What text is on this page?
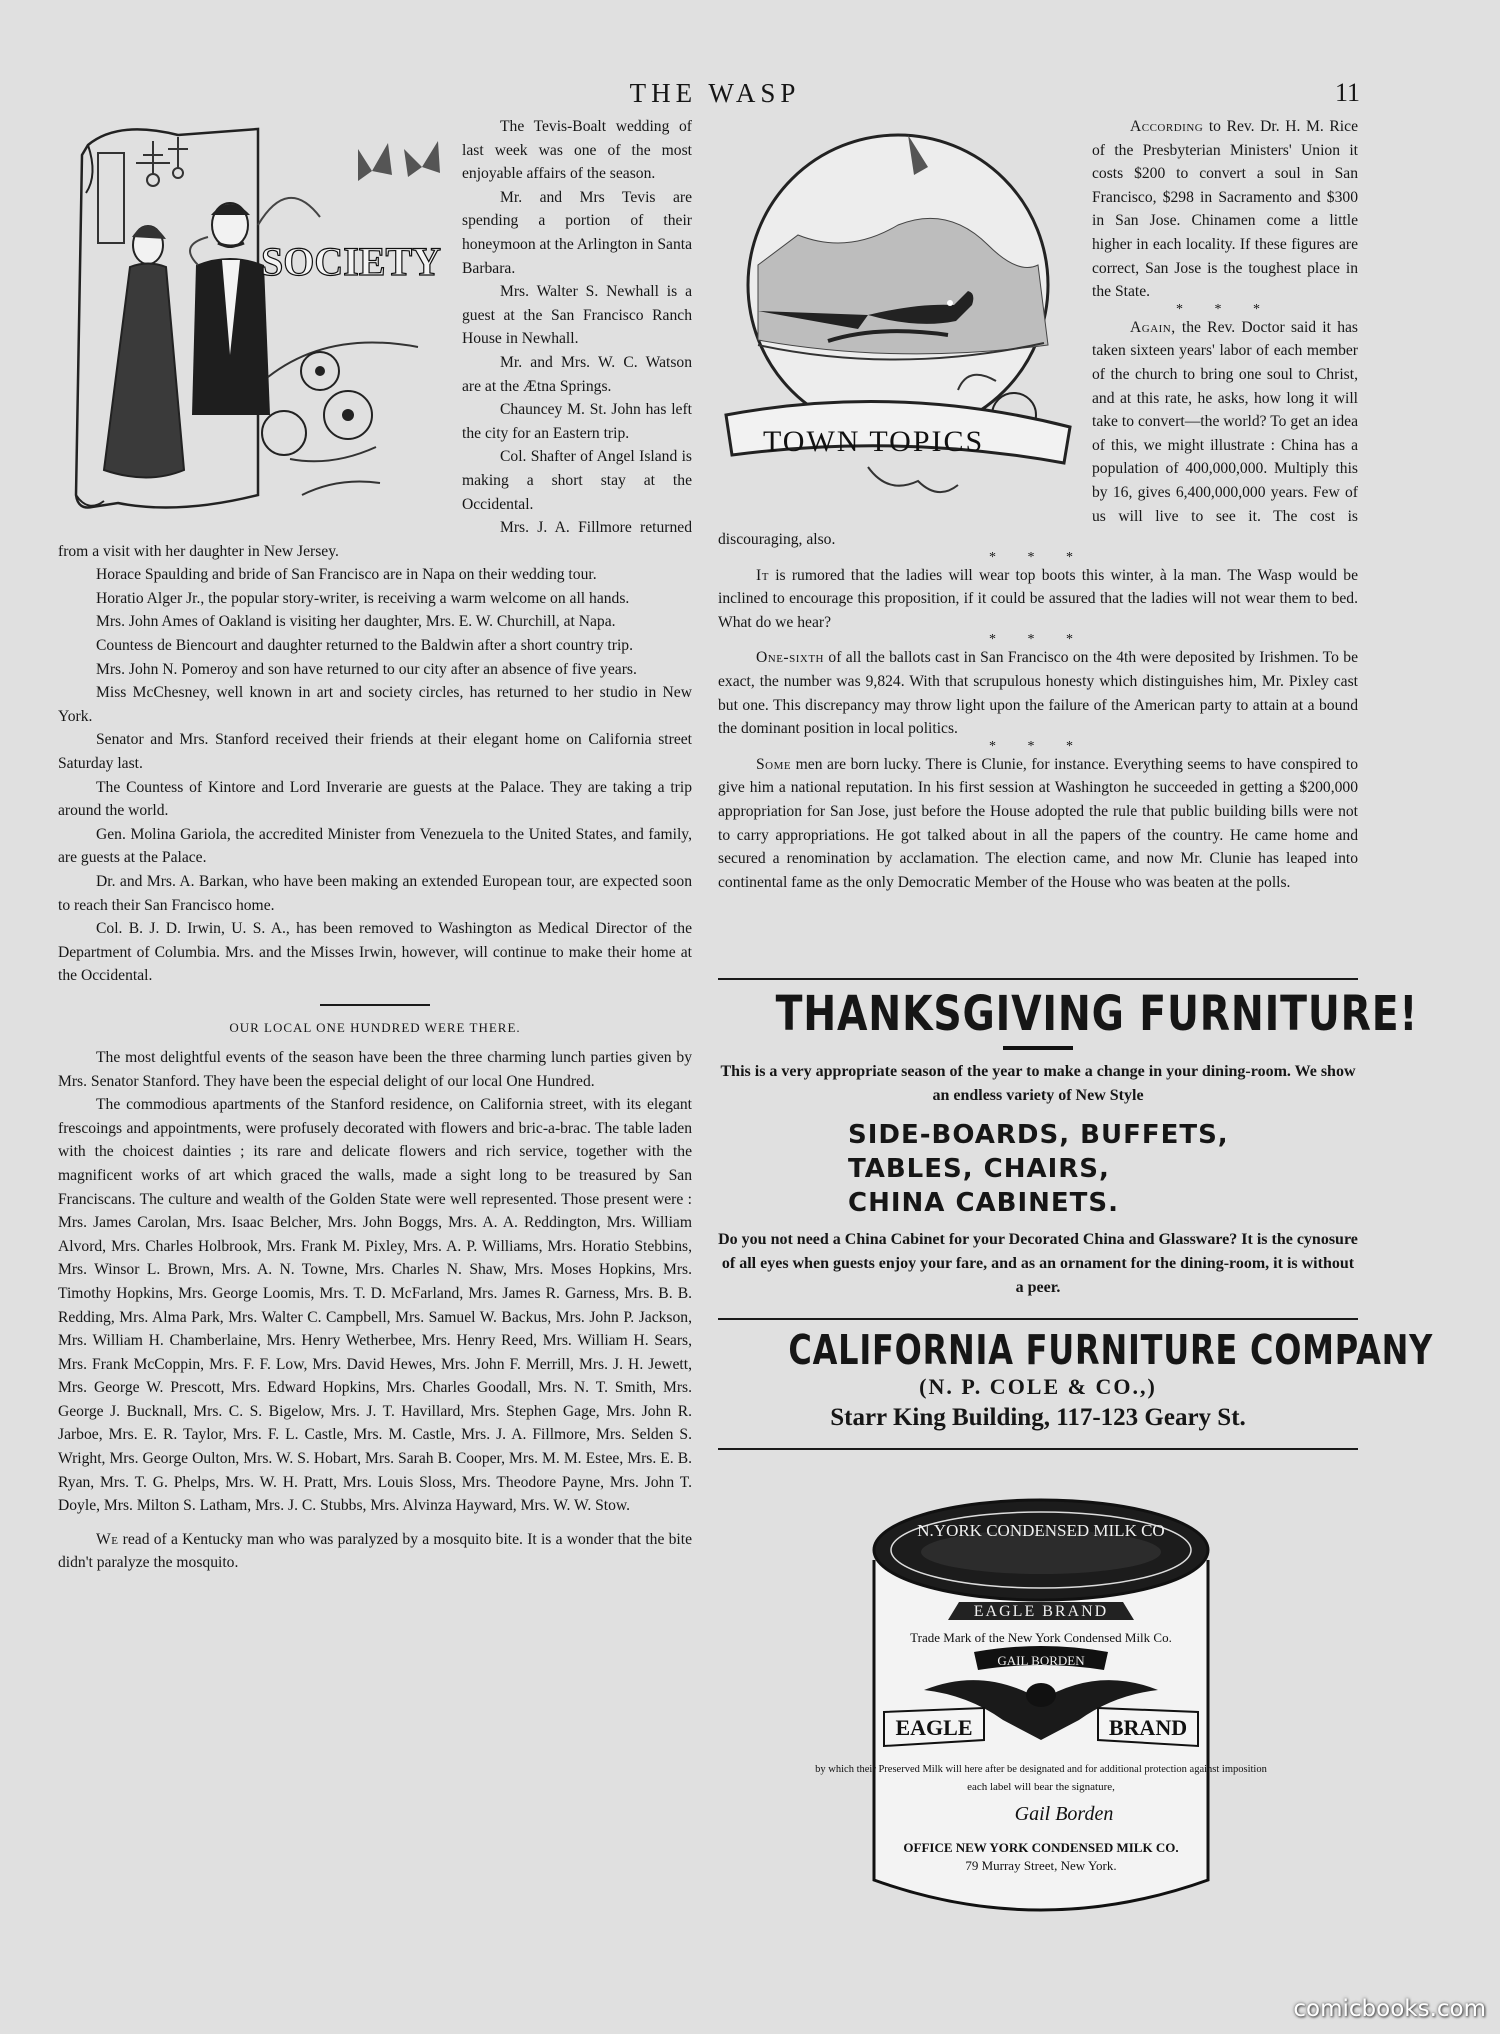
THE WASP	11
SOCIETY

The Tevis-Boalt wedding of last week was one of the most enjoyable affairs of the season.

Mr. and Mrs Tevis are spending a portion of their honeymoon at the Arlington in Santa Barbara.

Mrs. Walter S. Newhall is a guest at the San Francisco Ranch House in Newhall.

Mr. and Mrs. W. C. Watson are at the Ætna Springs.

Chauncey M. St. John has left the city for an Eastern trip.

Col. Shafter of Angel Island is making a short stay at the Occidental.

Mrs. J. A. Fillmore returned from a visit with her daughter in New Jersey.

Horace Spaulding and bride of San Francisco are in Napa on their wedding tour.

Horatio Alger Jr., the popular story-writer, is receiving a warm welcome on all hands.

Mrs. John Ames of Oakland is visiting her daughter, Mrs. E. W. Churchill, at Napa.

Countess de Biencourt and daughter returned to the Baldwin after a short country trip.

Mrs. John N. Pomeroy and son have returned to our city after an absence of five years.

Miss McChesney, well known in art and society circles, has returned to her studio in New York.

Senator and Mrs. Stanford received their friends at their elegant home on California street Saturday last.

The Countess of Kintore and Lord Inverarie are guests at the Palace. They are taking a trip around the world.

Gen. Molina Gariola, the accredited Minister from Venezuela to the United States, and family, are guests at the Palace.

Dr. and Mrs. A. Barkan, who have been making an extended European tour, are expected soon to reach their San Francisco home.

Col. B. J. D. Irwin, U. S. A., has been removed to Washington as Medical Director of the Department of Columbia. Mrs. and the Misses Irwin, however, will continue to make their home at the Occidental.

OUR LOCAL ONE HUNDRED WERE THERE.

The most delightful events of the season have been the three charming lunch parties given by Mrs. Senator Stanford. They have been the especial delight of our local One Hundred.

The commodious apartments of the Stanford residence, on California street, with its elegant frescoings and appointments, were profusely decorated with flowers and bric-a-brac. The table laden with the choicest dainties ; its rare and delicate flowers and rich service, together with the magnificent works of art which graced the walls, made a sight long to be treasured by San Franciscans. The culture and wealth of the Golden State were well represented. Those present were : Mrs. James Carolan, Mrs. Isaac Belcher, Mrs. John Boggs, Mrs. A. A. Reddington, Mrs. William Alvord, Mrs. Charles Holbrook, Mrs. Frank M. Pixley, Mrs. A. P. Williams, Mrs. Horatio Stebbins, Mrs. Winsor L. Brown, Mrs. A. N. Towne, Mrs. Charles N. Shaw, Mrs. Moses Hopkins, Mrs. Timothy Hopkins, Mrs. George Loomis, Mrs. T. D. McFarland, Mrs. James R. Garness, Mrs. B. B. Redding, Mrs. Alma Park, Mrs. Walter C. Campbell, Mrs. Samuel W. Backus, Mrs. John P. Jackson, Mrs. William H. Chamberlaine, Mrs. Henry Wetherbee, Mrs. Henry Reed, Mrs. William H. Sears, Mrs. Frank McCoppin, Mrs. F. F. Low, Mrs. David Hewes, Mrs. John F. Merrill, Mrs. J. H. Jewett, Mrs. George W. Prescott, Mrs. Edward Hopkins, Mrs. Charles Goodall, Mrs. N. T. Smith, Mrs. George J. Bucknall, Mrs. C. S. Bigelow, Mrs. J. T. Havillard, Mrs. Stephen Gage, Mrs. John R. Jarboe, Mrs. E. R. Taylor, Mrs. F. L. Castle, Mrs. M. Castle, Mrs. J. A. Fillmore, Mrs. Selden S. Wright, Mrs. George Oulton, Mrs. W. S. Hobart, Mrs. Sarah B. Cooper, Mrs. M. M. Estee, Mrs. E. B. Ryan, Mrs. T. G. Phelps, Mrs. W. H. Pratt, Mrs. Louis Sloss, Mrs. Theodore Payne, Mrs. John T. Doyle, Mrs. Milton S. Latham, Mrs. J. C. Stubbs, Mrs. Alvinza Hayward, Mrs. W. W. Stow.

We read of a Kentucky man who was paralyzed by a mosquito bite. It is a wonder that the bite didn't paralyze the mosquito.

TOWN TOPICS

According to Rev. Dr. H. M. Rice of the Presbyterian Ministers' Union it costs $200 to convert a soul in San Francisco, $298 in Sacramento and $300 in San Jose. Chinamen come a little higher in each locality. If these figures are correct, San Jose is the toughest place in the State.

* * *

Again, the Rev. Doctor said it has taken sixteen years' labor of each member of the church to bring one soul to Christ, and at this rate, he asks, how long it will take to convert—the world? To get an idea of this, we might illustrate : China has a population of 400,000,000. Multiply this by 16, gives 6,400,000,000 years. Few of us will live to see it. The cost is discouraging, also.

* * *

It is rumored that the ladies will wear top boots this winter, à la man. The Wasp would be inclined to encourage this proposition, if it could be assured that the ladies will not wear them to bed. What do we hear?

* * *

One-sixth of all the ballots cast in San Francisco on the 4th were deposited by Irishmen. To be exact, the number was 9,824. With that scrupulous honesty which distinguishes him, Mr. Pixley cast but one. This discrepancy may throw light upon the failure of the American party to attain at a bound the dominant position in local politics.

* * *

Some men are born lucky. There is Clunie, for instance. Everything seems to have conspired to give him a national reputation. In his first session at Washington he succeeded in getting a $200,000 appropriation for San Jose, just before the House adopted the rule that public building bills were not to carry appropriations. He got talked about in all the papers of the country. He came home and secured a renomination by acclamation. The election came, and now Mr. Clunie has leaped into continental fame as the only Democratic Member of the House who was beaten at the polls.

THANKSGIVING FURNITURE!

This is a very appropriate season of the year to make a change in your dining-room. We show an endless variety of New Style

SIDE-BOARDS, BUFFETS,
TABLES, CHAIRS,
CHINA CABINETS.

Do you not need a China Cabinet for your Decorated China and Glassware? It is the cynosure of all eyes when guests enjoy your fare, and as an ornament for the dining-room, it is without a peer.

CALIFORNIA FURNITURE COMPANY
(N. P. COLE & CO.,)
Starr King Building, 117-123 Geary St.
N.YORK CONDENSED MILK CO
EAGLE BRAND
Trade Mark of the New York Condensed Milk Co.
GAIL BORDEN
EAGLE	BRAND
by which their Preserved Milk will here after be designated and for additional protection against imposition
each label will bear the signature,
Gail Borden
OFFICE NEW YORK CONDENSED MILK CO.
79 Murray Street, New York.
comicbooks.com
